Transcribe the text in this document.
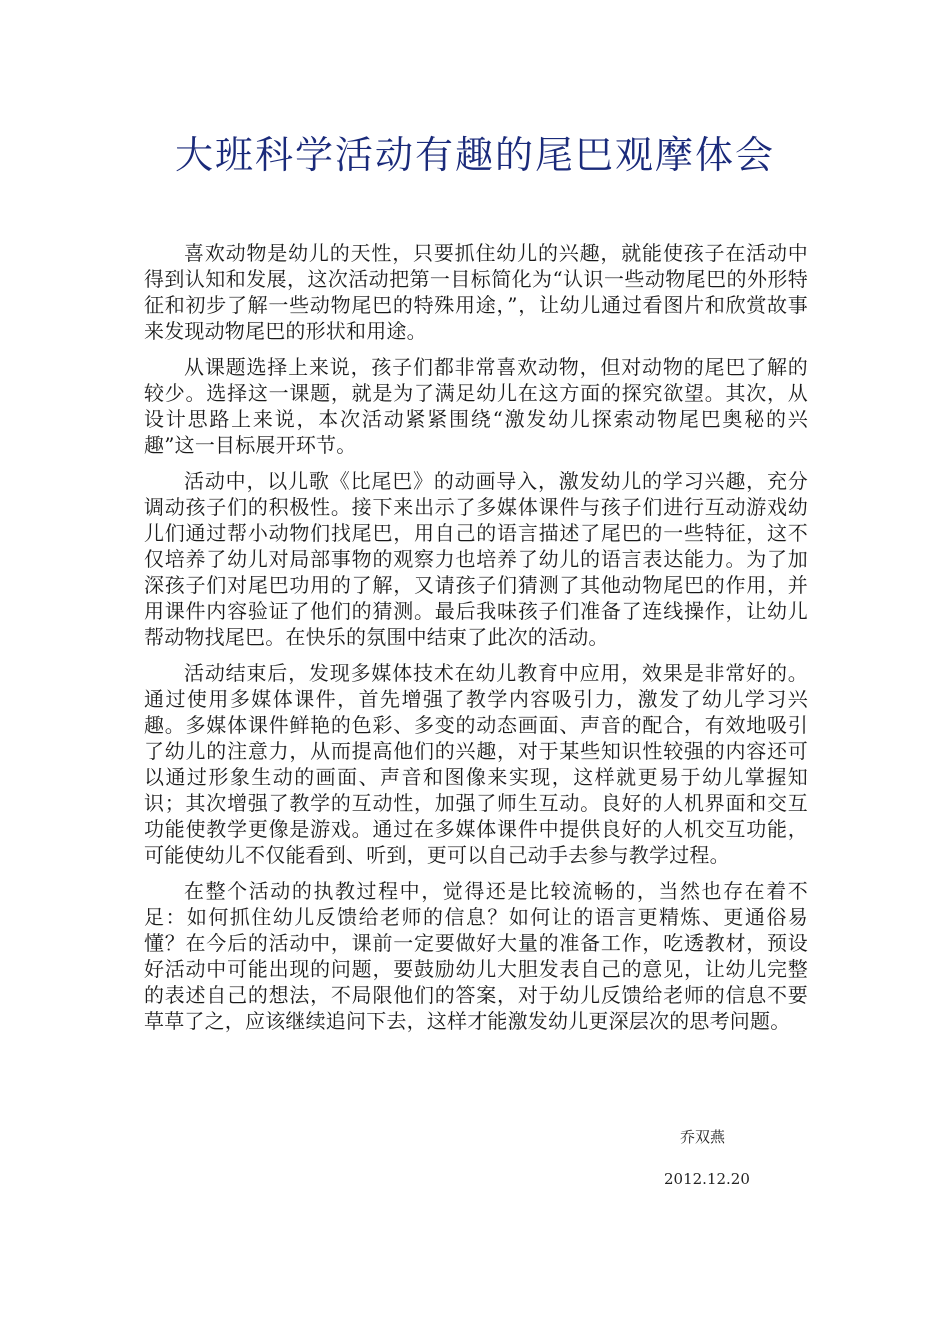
大班科学活动有趣的尾巴观摩体会

喜欢动物是幼儿的天性，只要抓住幼儿的兴趣，就能使孩子在活动中得到认知和发展，这次活动把第一目标简化为“认识一些动物尾巴的外形特征和初步了解一些动物尾巴的特殊用途，”，让幼儿通过看图片和欣赏故事来发现动物尾巴的形状和用途。

从课题选择上来说，孩子们都非常喜欢动物，但对动物的尾巴了解的较少。选择这一课题，就是为了满足幼儿在这方面的探究欲望。其次，从设计思路上来说，本次活动紧紧围绕“激发幼儿探索动物尾巴奥秘的兴趣”这一目标展开环节。

活动中，以儿歌《比尾巴》的动画导入，激发幼儿的学习兴趣，充分调动孩子们的积极性。接下来出示了多媒体课件与孩子们进行互动游戏幼儿们通过帮小动物们找尾巴，用自己的语言描述了尾巴的一些特征，这不仅培养了幼儿对局部事物的观察力也培养了幼儿的语言表达能力。为了加深孩子们对尾巴功用的了解，又请孩子们猜测了其他动物尾巴的作用，并用课件内容验证了他们的猜测。最后我味孩子们准备了连线操作，让幼儿帮动物找尾巴。在快乐的氛围中结束了此次的活动。

活动结束后，发现多媒体技术在幼儿教育中应用，效果是非常好的。通过使用多媒体课件，首先增强了教学内容吸引力，激发了幼儿学习兴趣。多媒体课件鲜艳的色彩、多变的动态画面、声音的配合，有效地吸引了幼儿的注意力，从而提高他们的兴趣，对于某些知识性较强的内容还可以通过形象生动的画面、声音和图像来实现，这样就更易于幼儿掌握知识；其次增强了教学的互动性，加强了师生互动。良好的人机界面和交互功能使教学更像是游戏。通过在多媒体课件中提供良好的人机交互功能，可能使幼儿不仅能看到、听到，更可以自己动手去参与教学过程。

在整个活动的执教过程中，觉得还是比较流畅的，当然也存在着不足：如何抓住幼儿反馈给老师的信息？如何让的语言更精炼、更通俗易懂？在今后的活动中，课前一定要做好大量的准备工作，吃透教材，预设好活动中可能出现的问题，要鼓励幼儿大胆发表自己的意见，让幼儿完整的表述自己的想法，不局限他们的答案，对于幼儿反馈给老师的信息不要草草了之，应该继续追问下去，这样才能激发幼儿更深层次的思考问题。

乔双燕
2012.12.20
